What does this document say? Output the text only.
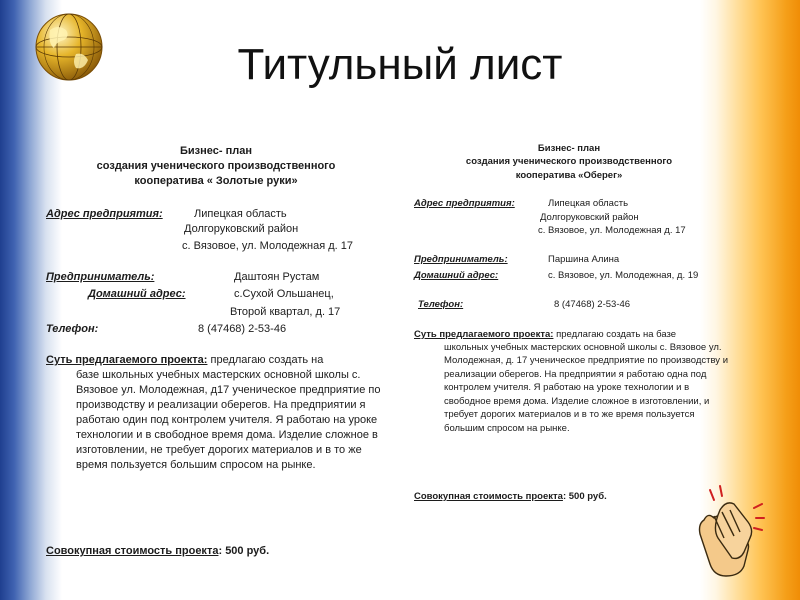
Титульный лист
Бизнес- план
создания ученического производственного
кооператива « Золотые руки»
Адрес предприятия:	Липецкая область
Долгоруковский район
с. Вязовое, ул. Молодежная д. 17
Предприниматель:	Даштоян Рустам
Домашний адрес:	с.Сухой Ольшанец,
Второй квартал, д. 17
Телефон:	8 (47468) 2-53-46
Суть предлагаемого проекта: предлагаю создать на
базе школьных учебных мастерских основной школы с. Вязовое ул. Молодежная, д17 ученическое предприятие по производству и реализации оберегов. На предприятии я работаю один под контролем учителя. Я работаю на уроке технологии и в свободное время дома. Изделие сложное в изготовлении, не требует дорогих материалов и в то же время пользуется большим спросом на рынке.
Совокупная стоимость проекта: 500 руб.
Бизнес- план
создания ученического производственного
кооператива «Оберег»
Адрес предприятия:	Липецкая область
Долгоруковский район
с. Вязовое, ул. Молодежная д. 17
Предприниматель:	Паршина Алина
Домашний адрес:	с. Вязовое, ул. Молодежная, д. 19
Телефон:	8 (47468) 2-53-46
Суть предлагаемого проекта: предлагаю создать на базе
школьных учебных мастерских основной школы с. Вязовое ул. Молодежная, д. 17 ученическое предприятие по производству и реализации оберегов. На предприятии я работаю одна под контролем учителя. Я работаю на уроке технологии и в свободное время дома. Изделие сложное в изготовлении, и требует дорогих материалов и в то же время пользуется большим спросом на рынке.
Совокупная стоимость проекта: 500 руб.
